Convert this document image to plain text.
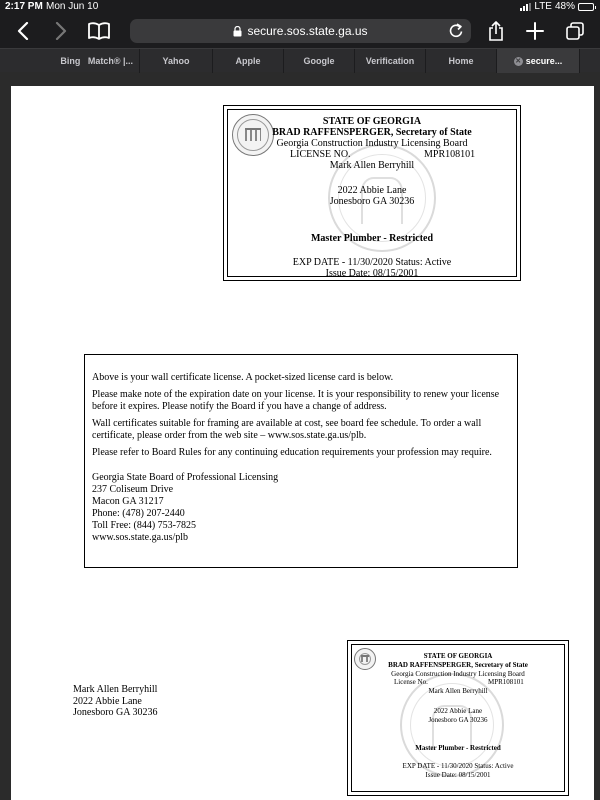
2:17 PM Mon Jun 10	LTE 48%
secure.sos.state.ga.us
Bing
Match® |...	Yahoo	Apple	Google	Verification	Home	✕ secure...
STATE OF GEORGIA
BRAD RAFFENSPERGER, Secretary of State
Georgia Construction Industry Licensing Board
LICENSE NO.	MPR108101
Mark Allen Berryhill
2022 Abbie Lane
Jonesboro GA 30236
Master Plumber - Restricted
EXP DATE - 11/30/2020 Status: Active
Issue Date: 08/15/2001

Above is your wall certificate license. A pocket-sized license card is below.

Please make note of the expiration date on your license. It is your responsibility to renew your license before it expires. Please notify the Board if you have a change of address.

Wall certificates suitable for framing are available at cost, see board fee schedule. To order a wall certificate, please order from the web site – www.sos.state.ga.us/plb.

Please refer to Board Rules for any continuing education requirements your profession may require.

Georgia State Board of Professional Licensing
237 Coliseum Drive
Macon GA 31217
Phone: (478) 207-2440
Toll Free: (844) 753-7825
www.sos.state.ga.us/plb
Mark Allen Berryhill
2022 Abbie Lane
Jonesboro GA 30236
STATE OF GEORGIA
BRAD RAFFENSPERGER, Secretary of State
Georgia Construction Industry Licensing Board
License No.	MPR108101
Mark Allen Berryhill
2022 Abbie Lane
Jonesboro GA 30236
Master Plumber - Restricted
EXP DATE - 11/30/2020 Status: Active
Issue Date: 08/15/2001
